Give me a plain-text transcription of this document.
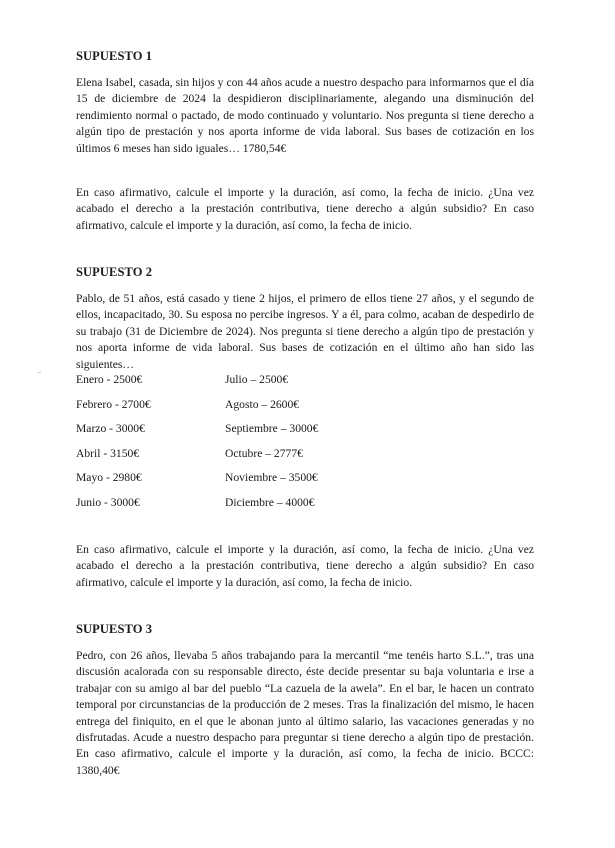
SUPUESTO 1

Elena Isabel, casada, sin hijos y con 44 años acude a nuestro despacho para informarnos que el día 15 de diciembre de 2024 la despidieron disciplinariamente, alegando una disminución del rendimiento normal o pactado, de modo continuado y voluntario. Nos pregunta si tiene derecho a algún tipo de prestación y nos aporta informe de vida laboral. Sus bases de cotización en los últimos 6 meses han sido iguales… 1780,54€

En caso afirmativo, calcule el importe y la duración, así como, la fecha de inicio. ¿Una vez acabado el derecho a la prestación contributiva, tiene derecho a algún subsidio? En caso afirmativo, calcule el importe y la duración, así como, la fecha de inicio.

SUPUESTO 2

Pablo, de 51 años, está casado y tiene 2 hijos, el primero de ellos tiene 27 años, y el segundo de ellos, incapacitado, 30. Su esposa no percibe ingresos. Y a él, para colmo, acaban de despedirlo de su trabajo (31 de Diciembre de 2024). Nos pregunta si tiene derecho a algún tipo de prestación y nos aporta informe de vida laboral. Sus bases de cotización en el último año han sido las siguientes…

Enero - 2500€	Julio – 2500€
Febrero - 2700€	Agosto – 2600€
Marzo - 3000€	Septiembre – 3000€
Abril - 3150€	Octubre – 2777€
Mayo - 2980€	Noviembre – 3500€
Junio - 3000€	Diciembre – 4000€

En caso afirmativo, calcule el importe y la duración, así como, la fecha de inicio. ¿Una vez acabado el derecho a la prestación contributiva, tiene derecho a algún subsidio? En caso afirmativo, calcule el importe y la duración, así como, la fecha de inicio.

SUPUESTO 3

Pedro, con 26 años, llevaba 5 años trabajando para la mercantil “me tenéis harto S.L.”, tras una discusión acalorada con su responsable directo, éste decide presentar su baja voluntaria e irse a trabajar con su amigo al bar del pueblo “La cazuela de la awela”. En el bar, le hacen un contrato temporal por circunstancias de la producción de 2 meses. Tras la finalización del mismo, le hacen entrega del finiquito, en el que le abonan junto al último salario, las vacaciones generadas y no disfrutadas. Acude a nuestro despacho para preguntar si tiene derecho a algún tipo de prestación. En caso afirmativo, calcule el importe y la duración, así como, la fecha de inicio. BCCC: 1380,40€
